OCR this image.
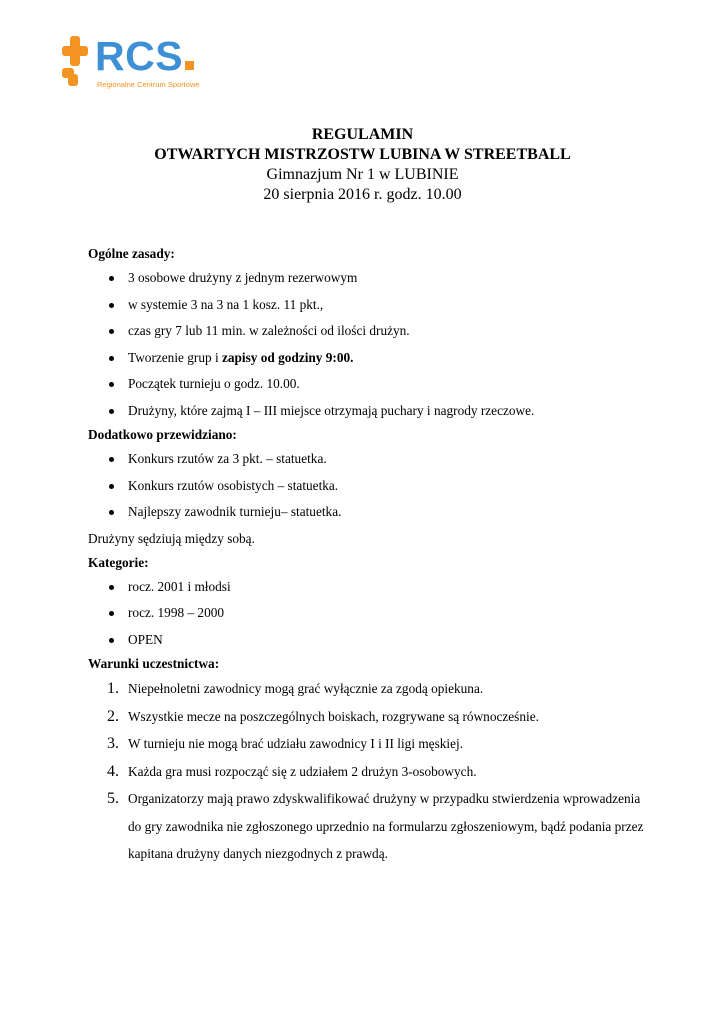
RCS
Regionalne Centrum Sportowe
REGULAMIN
OTWARTYCH MISTRZOSTW LUBINA W STREETBALL
Gimnazjum Nr 1 w LUBINIE
20 sierpnia 2016 r. godz. 10.00
Ogólne zasady:
3 osobowe drużyny z jednym rezerwowym
w systemie 3 na 3 na 1 kosz. 11 pkt.,
czas gry 7 lub 11 min. w zależności od ilości drużyn.
Tworzenie grup i zapisy od godziny 9:00.
Początek turnieju o godz. 10.00.
Drużyny, które zajmą I – III miejsce otrzymają puchary i nagrody rzeczowe.
Dodatkowo przewidziano:
Konkurs rzutów za 3 pkt. – statuetka.
Konkurs rzutów osobistych – statuetka.
Najlepszy zawodnik turnieju– statuetka.
Drużyny sędziują między sobą.
Kategorie:
rocz. 2001 i młodsi
rocz. 1998 – 2000
OPEN
Warunki uczestnictwa:
1. Niepełnoletni zawodnicy mogą grać wyłącznie za zgodą opiekuna.
2. Wszystkie mecze na poszczególnych boiskach, rozgrywane są równocześnie.
3. W turnieju nie mogą brać udziału zawodnicy I i II ligi męskiej.
4. Każda gra musi rozpocząć się z udziałem 2 drużyn 3-osobowych.
5. Organizatorzy mają prawo zdyskwalifikować drużyny w przypadku stwierdzenia wprowadzenia do gry zawodnika nie zgłoszonego uprzednio na formularzu zgłoszeniowym, bądź podania przez kapitana drużyny danych niezgodnych z prawdą.
